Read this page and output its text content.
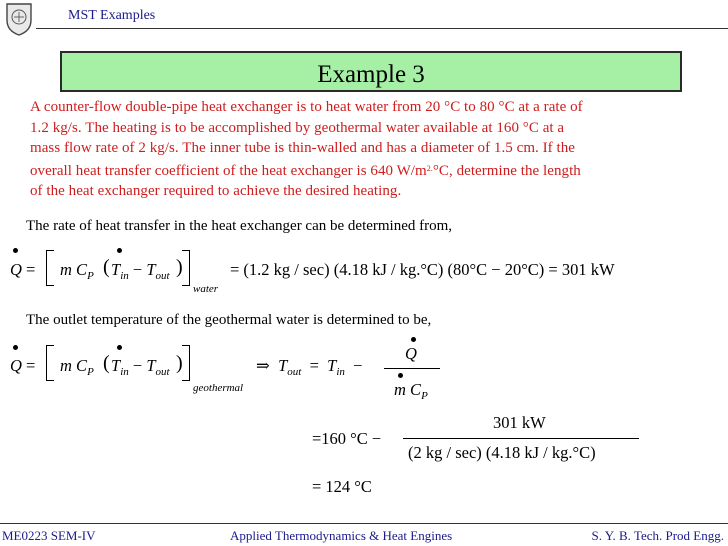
MST Examples
Example 3
A counter-flow double-pipe heat exchanger is to heat water from 20 °C to 80 °C at a rate of
1.2 kg/s. The heating is to be accomplished by geothermal water available at 160 °C at a
mass flow rate of 2 kg/s. The inner tube is thin-walled and has a diameter of 1.5 cm. If the
overall heat transfer coefficient of the heat exchanger is 640 $W/m^{2.}^\circ C$, determine the length
of the heat exchanger required to achieve the desired heating.
The rate of heat transfer in the heat exchanger can be determined from,
Q = m $C_P$ ( $T_{in} - T_{out}$ )
water
= (1.2 kg / sec) (4.18 kJ / kg.°C) (80°C − 20°C) = 301 kW
The outlet temperature of the geothermal water is determined to be,
Q = m $C_P$ ( $T_{in} - T_{out}$ )
geothermal
⇒ $T_{out} = T_{in}$ −
Q
m $C_P$
=160 °C −
301 kW
(2 kg / sec) (4.18 kJ / kg.°C)
= 124 °C
ME0223 SEM-IV	Applied Thermodynamics & Heat Engines	S. Y. B. Tech. Prod Engg.
